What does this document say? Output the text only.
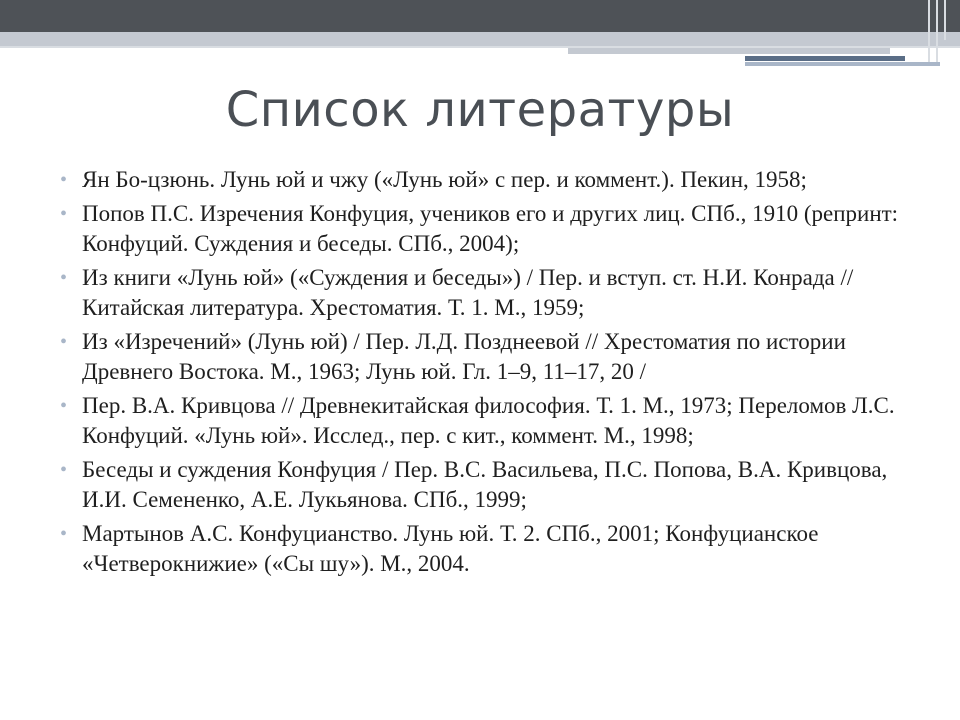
Список литературы
• Ян Бо-цзюнь. Лунь юй и чжу («Лунь юй» с пер. и коммент.). Пекин, 1958;
• Попов П.С. Изречения Конфуция, учеников его и других лиц. СПб., 1910 (репринт: Конфуций. Суждения и беседы. СПб., 2004);
• Из книги «Лунь юй» («Суждения и беседы») / Пер. и вступ. ст. Н.И. Конрада // Китайская литература. Хрестоматия. Т. 1. М., 1959;
• Из «Изречений» (Лунь юй) / Пер. Л.Д. Позднеевой // Хрестоматия по истории Древнего Востока. М., 1963; Лунь юй. Гл. 1–9, 11–17, 20 /
• Пер. В.А. Кривцова // Древнекитайская философия. Т. 1. М., 1973; Переломов Л.С. Конфуций. «Лунь юй». Исслед., пер. с кит., коммент. М., 1998;
• Беседы и суждения Конфуция / Пер. В.С. Васильева, П.С. Попова, В.А. Кривцова, И.И. Семененко, А.Е. Лукьянова. СПб., 1999;
• Мартынов А.С. Конфуцианство. Лунь юй. Т. 2. СПб., 2001; Конфуцианское «Четверокнижие» («Сы шу»). М., 2004.
